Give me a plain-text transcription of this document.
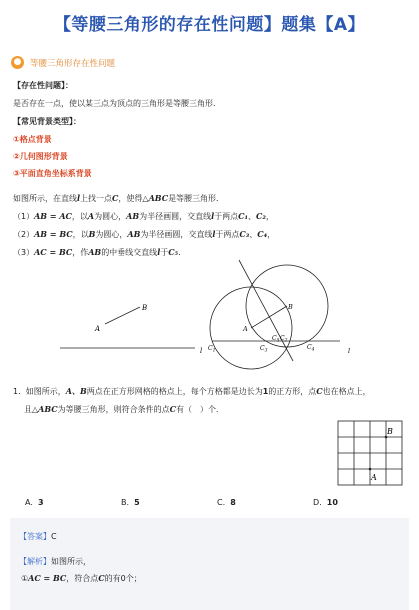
【等腰三角形的存在性问题】题集【A】
●	等腰三角形存在性问题
【存在性问题】：
是否存在一点，使以某三点为顶点的三角形是等腰三角形．
【常见背景类型】：
①格点背景
②几何图形背景
③平面直角坐标系背景
如图所示，在直线l上找一点C，使得△ABC是等腰三角形．
（1）AB = AC，以A为圆心，AB为半径画圆，交直线l于两点C₁、C₂，
（2）AB = BC，以B为圆心，AB为半径画圆，交直线l于两点C₃、C₄，
（3）AC = BC，作AB的中垂线交直线l于C₅．
A
B
l
A
B
l
$C_1$	$C_3$	$C_4$
$C_5$ $C_2$
1. 如图所示，A、B两点在正方形网格的格点上，每个方格都是边长为1的正方形，点C也在格点上，
且△ABC为等腰三角形，则符合条件的点C有（　）个．
B
A
A. 3	B. 5	C. 8	D. 10
【答案】C
【解析】如图所示，
①AC = BC，符合点C的有0个；
